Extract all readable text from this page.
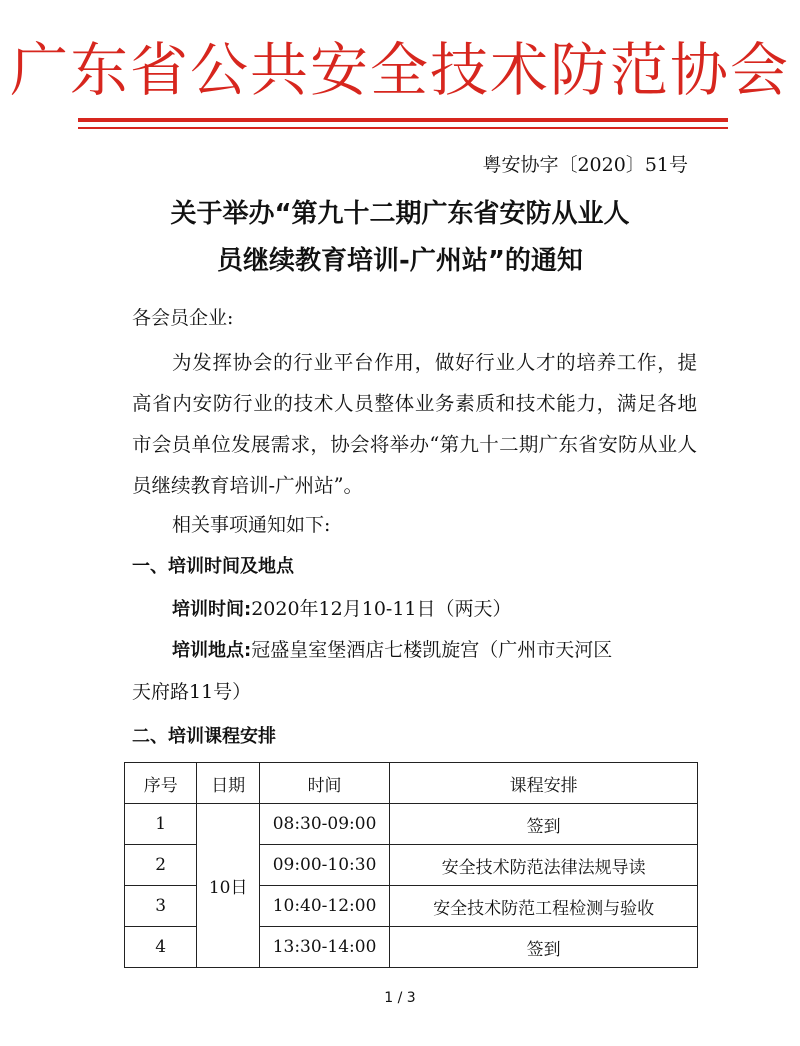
广东省公共安全技术防范协会
粤安协字〔2020〕51号
关于举办“第九十二期广东省安防从业人
员继续教育培训-广州站”的通知
各会员企业:
为发挥协会的行业平台作用，做好行业人才的培养工作，提高省内安防行业的技术人员整体业务素质和技术能力，满足各地市会员单位发展需求，协会将举办“第九十二期广东省安防从业人员继续教育培训-广州站”。
相关事项通知如下:
一、培训时间及地点
培训时间:2020年12月10-11日（两天）
培训地点:冠盛皇室堡酒店七楼凯旋宫（广州市天河区
天府路11号）
二、培训课程安排
序号	日期	时间	课程安排
1	10日	08:30-09:00	签到
2		09:00-10:30	安全技术防范法律法规导读
3		10:40-12:00	安全技术防范工程检测与验收
4		13:30-14:00	签到
1 / 3
